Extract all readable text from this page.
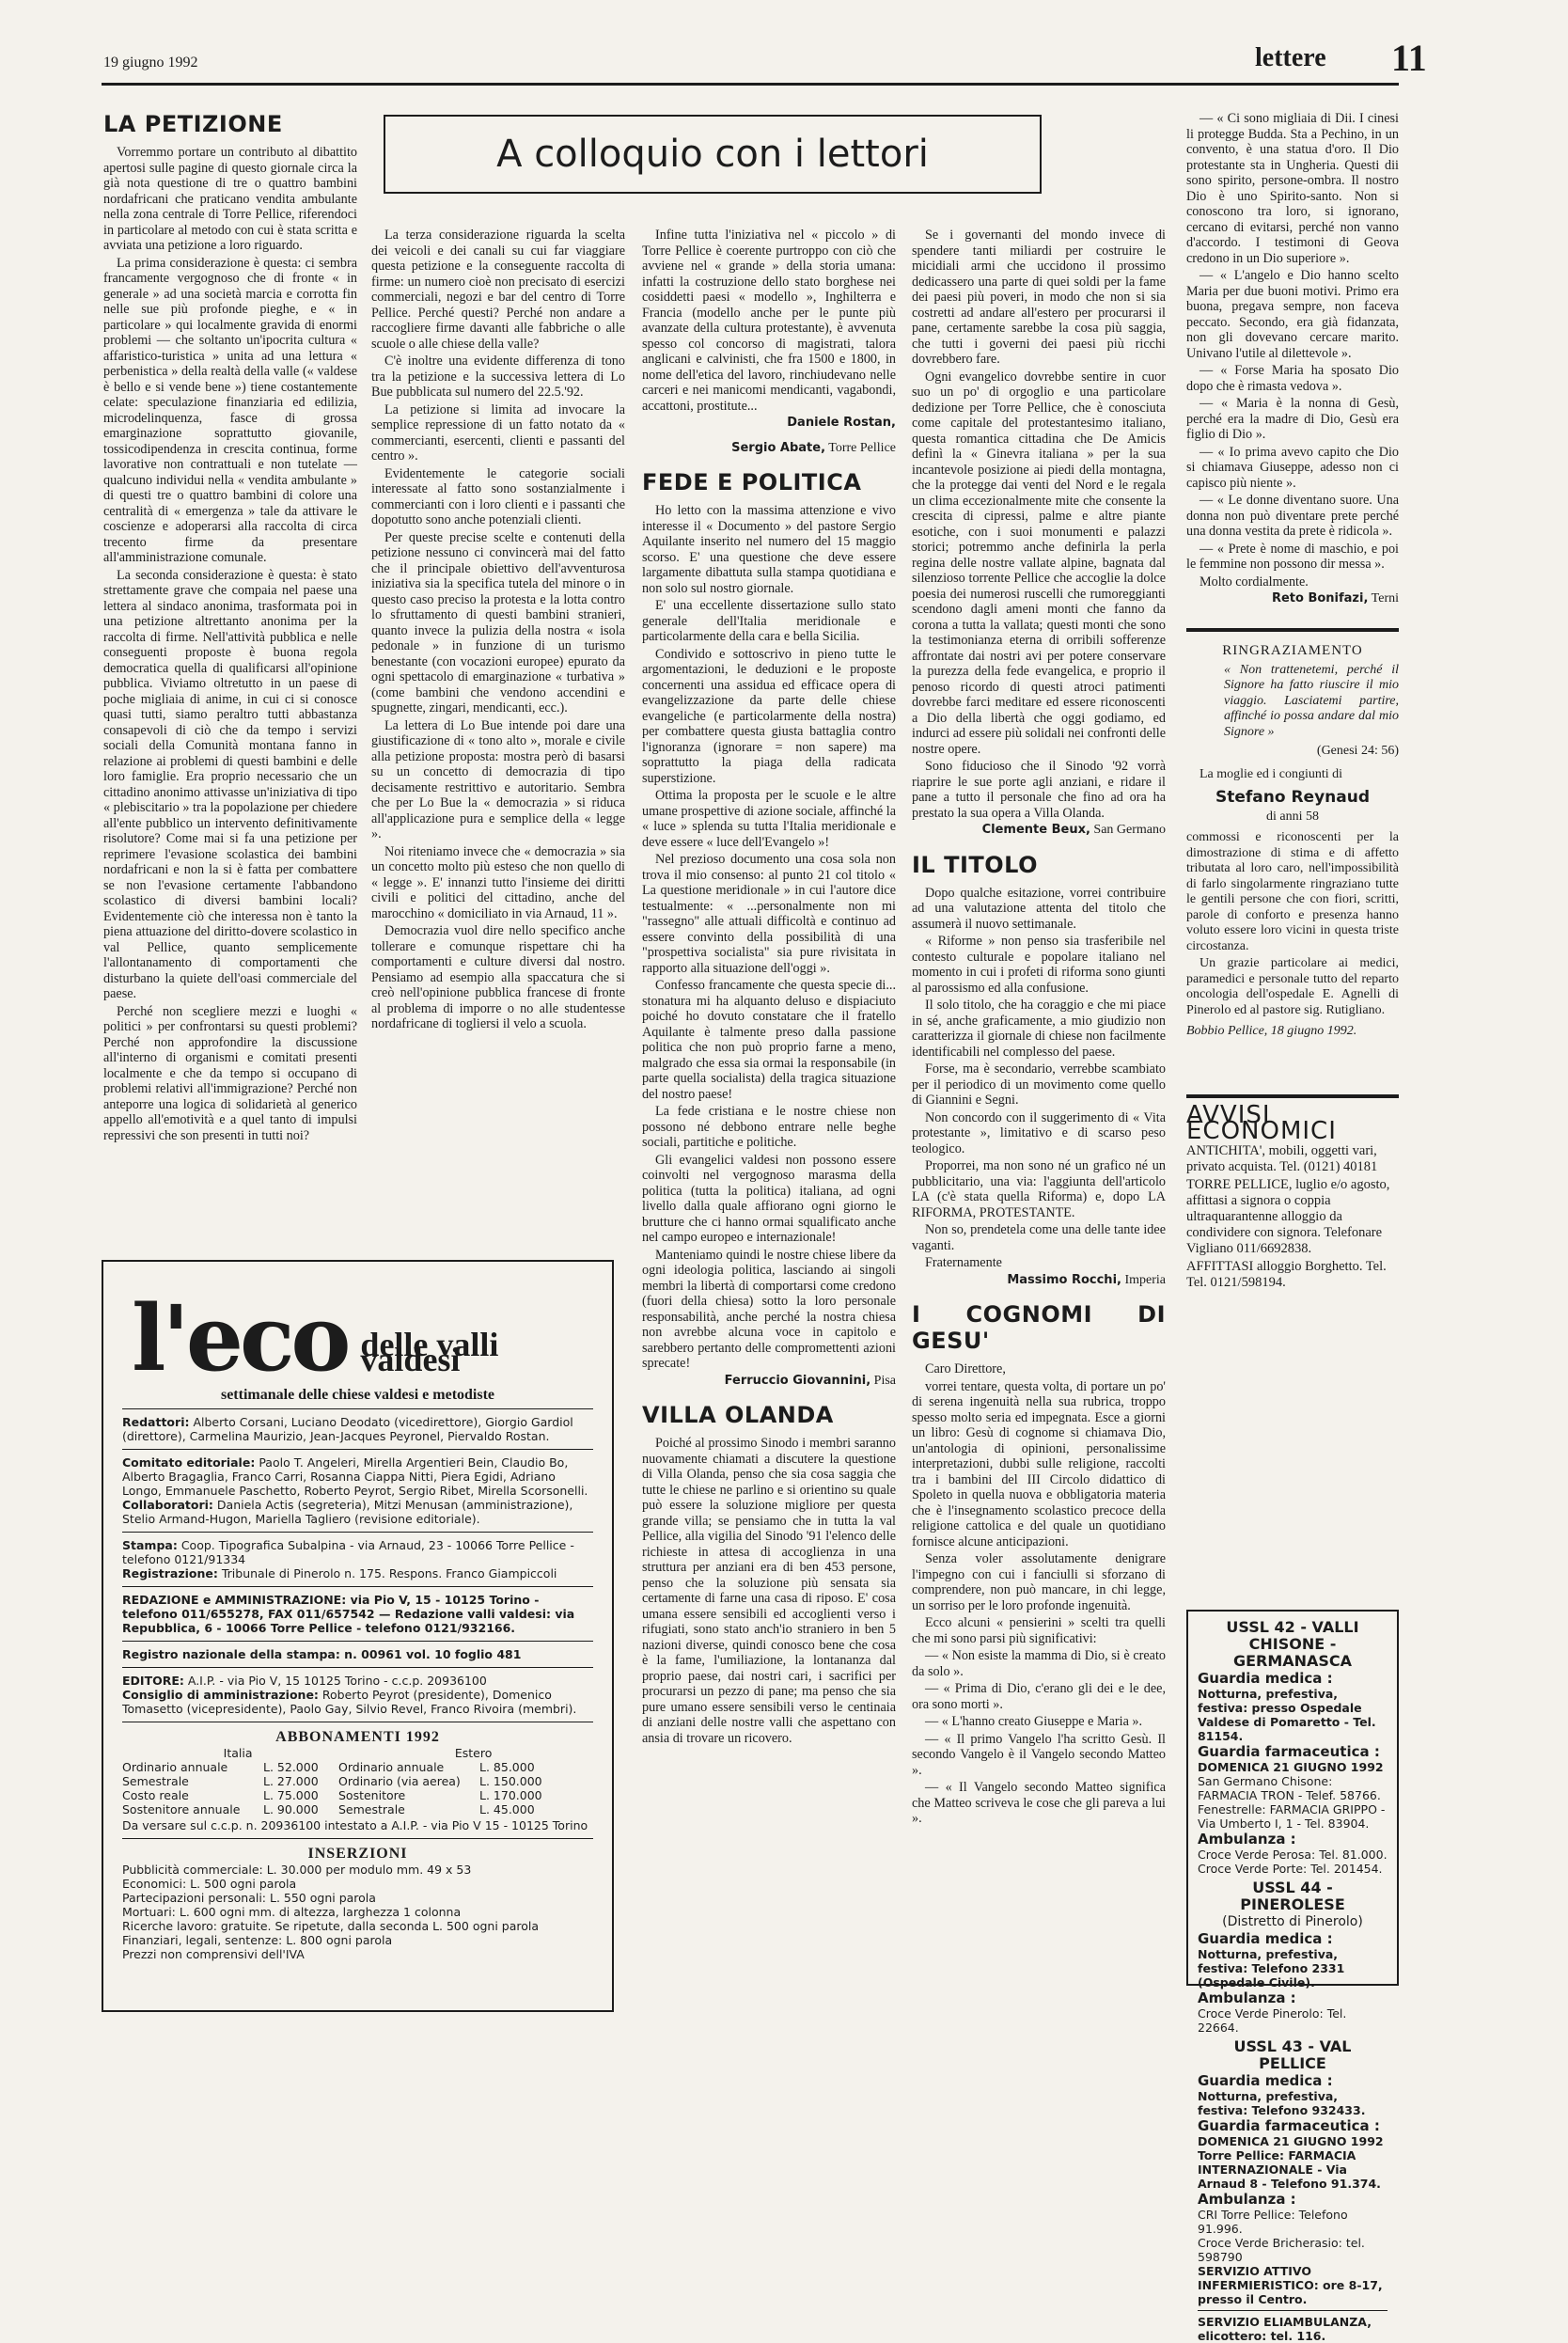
19 giugno 1992	lettere 11
A colloquio con i lettori
LA PETIZIONE

Vorremmo portare un contributo al dibattito apertosi sulle pagine di questo giornale circa la già nota questione di tre o quattro bambini nordafricani che praticano vendita ambulante nella zona centrale di Torre Pellice, riferendoci in particolare al metodo con cui è stata scritta e avviata una petizione a loro riguardo.

La prima considerazione è questa: ci sembra francamente vergognoso che di fronte « in generale » ad una società marcia e corrotta fin nelle sue più profonde pieghe, e « in particolare » qui localmente gravida di enormi problemi — che soltanto un'ipocrita cultura « affaristico-turistica » unita ad una lettura « perbenistica » della realtà della valle (« valdese è bello e si vende bene ») tiene costantemente celate: speculazione finanziaria ed edilizia, microdelinquenza, fasce di grossa emarginazione soprattutto giovanile, tossicodipendenza in crescita continua, forme lavorative non contrattuali e non tutelate — qualcuno individui nella « vendita ambulante » di questi tre o quattro bambini di colore una centralità di « emergenza » tale da attivare le coscienze e adoperarsi alla raccolta di circa trecento firme da presentare all'amministrazione comunale.

La seconda considerazione è questa: è stato strettamente grave che compaia nel paese una lettera al sindaco anonima, trasformata poi in una petizione altrettanto anonima per la raccolta di firme. Nell'attività pubblica e nelle conseguenti proposte è buona regola democratica quella di qualificarsi all'opinione pubblica. Viviamo oltretutto in un paese di poche migliaia di anime, in cui ci si conosce quasi tutti, siamo peraltro tutti abbastanza consapevoli di ciò che da tempo i servizi sociali della Comunità montana fanno in relazione ai problemi di questi bambini e delle loro famiglie. Era proprio necessario che un cittadino anonimo attivasse un'iniziativa di tipo « plebiscitario » tra la popolazione per chiedere all'ente pubblico un intervento definitivamente risolutore? Come mai si fa una petizione per reprimere l'evasione scolastica dei bambini nordafricani e non la si è fatta per combattere se non l'evasione certamente l'abbandono scolastico di diversi bambini locali? Evidentemente ciò che interessa non è tanto la piena attuazione del diritto-dovere scolastico in val Pellice, quanto semplicemente l'allontanamento di comportamenti che disturbano la quiete dell'oasi commerciale del paese.

Perché non scegliere mezzi e luoghi « politici » per confrontarsi su questi problemi? Perché non approfondire la discussione all'interno di organismi e comitati presenti localmente e che da tempo si occupano di problemi relativi all'immigrazione? Perché non anteporre una logica di solidarietà al generico appello all'emotività e a quel tanto di impulsi repressivi che son presenti in tutti noi?

La terza considerazione riguarda la scelta dei veicoli e dei canali su cui far viaggiare questa petizione e la conseguente raccolta di firme: un numero cioè non precisato di esercizi commerciali, negozi e bar del centro di Torre Pellice. Perché questi? Perché non andare a raccogliere firme davanti alle fabbriche o alle scuole o alle chiese della valle?

C'è inoltre una evidente differenza di tono tra la petizione e la successiva lettera di Lo Bue pubblicata sul numero del 22.5.'92.

La petizione si limita ad invocare la semplice repressione di un fatto notato da « commercianti, esercenti, clienti e passanti del centro ».

Evidentemente le categorie sociali interessate al fatto sono sostanzialmente i commercianti con i loro clienti e i passanti che dopotutto sono anche potenziali clienti.

Per queste precise scelte e contenuti della petizione nessuno ci convincerà mai del fatto che il principale obiettivo dell'avventurosa iniziativa sia la specifica tutela del minore o in questo caso preciso la protesta e la lotta contro lo sfruttamento di questi bambini stranieri, quanto invece la pulizia della nostra « isola pedonale » in funzione di un turismo benestante (con vocazioni europee) epurato da ogni spettacolo di emarginazione « turbativa » (come bambini che vendono accendini e spugnette, zingari, mendicanti, ecc.).

La lettera di Lo Bue intende poi dare una giustificazione di « tono alto », morale e civile alla petizione proposta: mostra però di basarsi su un concetto di democrazia di tipo decisamente restrittivo e autoritario. Sembra che per Lo Bue la « democrazia » si riduca all'applicazione pura e semplice della « legge ».

Noi riteniamo invece che « democrazia » sia un concetto molto più esteso che non quello di « legge ». E' innanzi tutto l'insieme dei diritti civili e politici del cittadino, anche del marocchino « domiciliato in via Arnaud, 11 ».

Democrazia vuol dire nello specifico anche tollerare e comunque rispettare chi ha comportamenti e culture diversi dal nostro. Pensiamo ad esempio alla spaccatura che si creò nell'opinione pubblica francese di fronte al problema di imporre o no alle studentesse nordafricane di togliersi il velo a scuola.

Infine tutta l'iniziativa nel « piccolo » di Torre Pellice è coerente purtroppo con ciò che avviene nel « grande » della storia umana: infatti la costruzione dello stato borghese nei cosiddetti paesi « modello », Inghilterra e Francia (modello anche per le punte più avanzate della cultura protestante), è avvenuta spesso col concorso di magistrati, talora anglicani e calvinisti, che fra 1500 e 1800, in nome dell'etica del lavoro, rinchiudevano nelle carceri e nei manicomi mendicanti, vagabondi, accattoni, prostitute...

Daniele Rostan,
Sergio Abate, Torre Pellice
FEDE E POLITICA

Ho letto con la massima attenzione e vivo interesse il « Documento » del pastore Sergio Aquilante inserito nel numero del 15 maggio scorso. E' una questione che deve essere largamente dibattuta sulla stampa quotidiana e non solo sul nostro giornale.

E' una eccellente dissertazione sullo stato generale dell'Italia meridionale e particolarmente della cara e bella Sicilia.

Condivido e sottoscrivo in pieno tutte le argomentazioni, le deduzioni e le proposte concernenti una assidua ed efficace opera di evangelizzazione da parte delle chiese evangeliche (e particolarmente della nostra) per combattere questa giusta battaglia contro l'ignoranza (ignorare = non sapere) ma soprattutto la piaga della radicata superstizione.

Ottima la proposta per le scuole e le altre umane prospettive di azione sociale, affinché la « luce » splenda su tutta l'Italia meridionale e deve essere « luce dell'Evangelo »!

Nel prezioso documento una cosa sola non trova il mio consenso: al punto 21 col titolo « La questione meridionale » in cui l'autore dice testualmente: « ...personalmente non mi "rassegno" alle attuali difficoltà e continuo ad essere convinto della possibilità di una "prospettiva socialista" sia pure rivisitata in rapporto alla situazione dell'oggi ».

Confesso francamente che questa specie di... stonatura mi ha alquanto deluso e dispiaciuto poiché ho dovuto constatare che il fratello Aquilante è talmente preso dalla passione politica che non può proprio farne a meno, malgrado che essa sia ormai la responsabile (in parte quella socialista) della tragica situazione del nostro paese!

La fede cristiana e le nostre chiese non possono né debbono entrare nelle beghe sociali, partitiche e politiche.

Gli evangelici valdesi non possono essere coinvolti nel vergognoso marasma della politica (tutta la politica) italiana, ad ogni livello dalla quale affiorano ogni giorno le brutture che ci hanno ormai squalificato anche nel campo europeo e internazionale!

Manteniamo quindi le nostre chiese libere da ogni ideologia politica, lasciando ai singoli membri la libertà di comportarsi come credono (fuori della chiesa) sotto la loro personale responsabilità, anche perché la nostra chiesa non avrebbe alcuna voce in capitolo e sarebbero pertanto delle compromettenti azioni sprecate!

Ferruccio Giovannini, Pisa
VILLA OLANDA

Poiché al prossimo Sinodo i membri saranno nuovamente chiamati a discutere la questione di Villa Olanda, penso che sia cosa saggia che tutte le chiese ne parlino e si orientino su quale può essere la soluzione migliore per questa grande villa; se pensiamo che in tutta la val Pellice, alla vigilia del Sinodo '91 l'elenco delle richieste in attesa di accoglienza in una struttura per anziani era di ben 453 persone, penso che la soluzione più sensata sia certamente di farne una casa di riposo. E' cosa umana essere sensibili ed accoglienti verso i rifugiati, sono stato anch'io straniero in ben 5 nazioni diverse, quindi conosco bene che cosa è la fame, l'umiliazione, la lontananza dal proprio paese, dai nostri cari, i sacrifici per procurarsi un pezzo di pane; ma penso che sia pure umano essere sensibili verso le centinaia di anziani delle nostre valli che aspettano con ansia di trovare un ricovero.

Se i governanti del mondo invece di spendere tanti miliardi per costruire le micidiali armi che uccidono il prossimo dedicassero una parte di quei soldi per la fame dei paesi più poveri, in modo che non si sia costretti ad andare all'estero per procurarsi il pane, certamente sarebbe la cosa più saggia, che tutti i governi dei paesi più ricchi dovrebbero fare.

Ogni evangelico dovrebbe sentire in cuor suo un po' di orgoglio e una particolare dedizione per Torre Pellice, che è conosciuta come capitale del protestantesimo italiano, questa romantica cittadina che De Amicis definì la « Ginevra italiana » per la sua incantevole posizione ai piedi della montagna, che la protegge dai venti del Nord e le regala un clima eccezionalmente mite che consente la crescita di cipressi, palme e altre piante esotiche, con i suoi monumenti e palazzi storici; potremmo anche definirla la perla regina delle nostre vallate alpine, bagnata dal silenzioso torrente Pellice che accoglie la dolce poesia dei numerosi ruscelli che rumoreggianti scendono dagli ameni monti che fanno da corona a tutta la vallata; questi monti che sono la testimonianza eterna di orribili sofferenze affrontate dai nostri avi per potere conservare la purezza della fede evangelica, e proprio il penoso ricordo di questi atroci patimenti dovrebbe farci meditare ed essere riconoscenti a Dio della libertà che oggi godiamo, ed indurci ad essere più solidali nei confronti delle nostre opere.

Sono fiducioso che il Sinodo '92 vorrà riaprire le sue porte agli anziani, e ridare il pane a tutto il personale che fino ad ora ha prestato la sua opera a Villa Olanda.

Clemente Beux, San Germano
IL TITOLO

Dopo qualche esitazione, vorrei contribuire ad una valutazione attenta del titolo che assumerà il nuovo settimanale.

« Riforme » non penso sia trasferibile nel contesto culturale e popolare italiano nel momento in cui i profeti di riforma sono giunti al parossismo ed alla confusione.

Il solo titolo, che ha coraggio e che mi piace in sé, anche graficamente, a mio giudizio non caratterizza il giornale di chiese non facilmente identificabili nel complesso del paese.

Forse, ma è secondario, verrebbe scambiato per il periodico di un movimento come quello di Giannini e Segni.

Non concordo con il suggerimento di « Vita protestante », limitativo e di scarso peso teologico.

Proporrei, ma non sono né un grafico né un pubblicitario, una via: l'aggiunta dell'articolo LA (c'è stata quella Riforma) e, dopo LA RIFORMA, PROTESTANTE.

Non so, prendetela come una delle tante idee vaganti.

Fraternamente

Massimo Rocchi, Imperia
I COGNOMI DI GESU'

Caro Direttore,

vorrei tentare, questa volta, di portare un po' di serena ingenuità nella sua rubrica, troppo spesso molto seria ed impegnata. Esce a giorni un libro: Gesù di cognome si chiamava Dio, un'antologia di opinioni, personalissime interpretazioni, dubbi sulle religione, raccolti tra i bambini del III Circolo didattico di Spoleto in quella nuova e obbligatoria materia che è l'insegnamento scolastico precoce della religione cattolica e del quale un quotidiano fornisce alcune anticipazioni.

Senza voler assolutamente denigrare l'impegno con cui i fanciulli si sforzano di comprendere, non può mancare, in chi legge, un sorriso per le loro profonde ingenuità.

Ecco alcuni « pensierini » scelti tra quelli che mi sono parsi più significativi:

— « Non esiste la mamma di Dio, si è creato da solo ».

— « Prima di Dio, c'erano gli dei e le dee, ora sono morti ».

— « L'hanno creato Giuseppe e Maria ».

— « Il primo Vangelo l'ha scritto Gesù. Il secondo Vangelo è il Vangelo secondo Matteo ».

— « Il Vangelo secondo Matteo significa che Matteo scriveva le cose che gli pareva a lui ».

— « Ci sono migliaia di Dii. I cinesi li protegge Budda. Sta a Pechino, in un convento, è una statua d'oro. Il Dio protestante sta in Ungheria. Questi dii sono spirito, persone-ombra. Il nostro Dio è uno Spirito-santo. Non si conoscono tra loro, si ignorano, cercano di evitarsi, perché non vanno d'accordo. I testimoni di Geova credono in un Dio superiore ».

— « L'angelo e Dio hanno scelto Maria per due buoni motivi. Primo era buona, pregava sempre, non faceva peccato. Secondo, era già fidanzata, non gli dovevano cercare marito. Univano l'utile al dilettevole ».

— « Forse Maria ha sposato Dio dopo che è rimasta vedova ».

— « Maria è la nonna di Gesù, perché era la madre di Dio, Gesù era figlio di Dio ».

— « Io prima avevo capito che Dio si chiamava Giuseppe, adesso non ci capisco più niente ».

— « Le donne diventano suore. Una donna non può diventare prete perché una donna vestita da prete è ridicola ».

— « Prete è nome di maschio, e poi le femmine non possono dir messa ».

Molto cordialmente.

Reto Bonifazi, Terni
RINGRAZIAMENTO
« Non trattenetemi, perché il Signore ha fatto riuscire il mio viaggio. Lasciatemi partire, affinché io possa andare dal mio Signore »
(Genesi 24: 56)
La moglie ed i congiunti di
Stefano Reynaud
di anni 58

commossi e riconoscenti per la dimostrazione di stima e di affetto tributata al loro caro, nell'impossibilità di farlo singolarmente ringraziano tutte le gentili persone che con fiori, scritti, parole di conforto e presenza hanno voluto essere loro vicini in questa triste circostanza.

Un grazie particolare ai medici, paramedici e personale tutto del reparto oncologia dell'ospedale E. Agnelli di Pinerolo ed al pastore sig. Rutigliano.

Bobbio Pellice, 18 giugno 1992.
AVVISI ECONOMICI
ANTICHITA', mobili, oggetti vari, privato acquista. Tel. (0121) 40181
TORRE PELLICE, luglio e/o agosto, affittasi a signora o coppia ultraquarantenne alloggio da condividere con signora. Telefonare Vigliano 011/6692838.
AFFITTASI alloggio Borghetto. Tel. Tel. 0121/598194.
USSL 42 - VALLI CHISONE - GERMANASCA
Guardia medica :
Notturna, prefestiva, festiva: presso Ospedale Valdese di Pomaretto - Tel. 81154.
Guardia farmaceutica :
DOMENICA 21 GIUGNO 1992
San Germano Chisone: FARMACIA TRON - Telef. 58766.
Fenestrelle: FARMACIA GRIPPO - Via Umberto I, 1 - Tel. 83904.
Ambulanza :
Croce Verde Perosa: Tel. 81.000.
Croce Verde Porte: Tel. 201454.
USSL 44 - PINEROLESE
(Distretto di Pinerolo)
Guardia medica :
Notturna, prefestiva, festiva: Telefono 2331 (Ospedale Civile).
Ambulanza :
Croce Verde Pinerolo: Tel. 22664.
USSL 43 - VAL PELLICE
Guardia medica :
Notturna, prefestiva, festiva: Telefono 932433.
Guardia farmaceutica :
DOMENICA 21 GIUGNO 1992
Torre Pellice: FARMACIA INTERNAZIONALE - Via Arnaud 8 - Telefono 91.374.
Ambulanza :
CRI Torre Pellice: Telefono 91.996.
Croce Verde Bricherasio: tel. 598790
SERVIZIO ATTIVO INFERMIERISTICO: ore 8-17, presso il Centro.
SERVIZIO ELIAMBULANZA, elicottero: tel. 116.
l'eco delle valli valdesi
settimanale delle chiese valdesi e metodiste
Redattori: Alberto Corsani, Luciano Deodato (vicedirettore), Giorgio Gardiol (direttore), Carmelina Maurizio, Jean-Jacques Peyronel, Piervaldo Rostan.
Comitato editoriale: Paolo T. Angeleri, Mirella Argentieri Bein, Claudio Bo, Alberto Bragaglia, Franco Carri, Rosanna Ciappa Nitti, Piera Egidi, Adriano Longo, Emmanuele Paschetto, Roberto Peyrot, Sergio Ribet, Mirella Scorsonelli.
Collaboratori: Daniela Actis (segreteria), Mitzi Menusan (amministrazione), Stelio Armand-Hugon, Mariella Tagliero (revisione editoriale).
Stampa: Coop. Tipografica Subalpina - via Arnaud, 23 - 10066 Torre Pellice - telefono 0121/91334
Registrazione: Tribunale di Pinerolo n. 175. Respons. Franco Giampiccoli
REDAZIONE e AMMINISTRAZIONE: via Pio V, 15 - 10125 Torino - telefono 011/655278, FAX 011/657542 — Redazione valli valdesi: via Repubblica, 6 - 10066 Torre Pellice - telefono 0121/932166.
Registro nazionale della stampa: n. 00961 vol. 10 foglio 481
EDITORE: A.I.P. - via Pio V, 15 10125 Torino - c.c.p. 20936100
Consiglio di amministrazione: Roberto Peyrot (presidente), Domenico Tomasetto (vicepresidente), Paolo Gay, Silvio Revel, Franco Rivoira (membri).
ABBONAMENTI 1992
Italia	Estero
Ordinario annuale	L. 52.000	Ordinario annuale	L. 85.000
Semestrale	L. 27.000	Ordinario (via aerea)	L. 150.000
Costo reale	L. 75.000	Sostenitore	L. 170.000
Sostenitore annuale	L. 90.000	Semestrale	L. 45.000
Da versare sul c.c.p. n. 20936100 intestato a A.I.P. - via Pio V 15 - 10125 Torino
INSERZIONI
Pubblicità commerciale: L. 30.000 per modulo mm. 49 x 53
Economici: L. 500 ogni parola
Partecipazioni personali: L. 550 ogni parola
Mortuari: L. 600 ogni mm. di altezza, larghezza 1 colonna
Ricerche lavoro: gratuite. Se ripetute, dalla seconda L. 500 ogni parola
Finanziari, legali, sentenze: L. 800 ogni parola
Prezzi non comprensivi dell'IVA
